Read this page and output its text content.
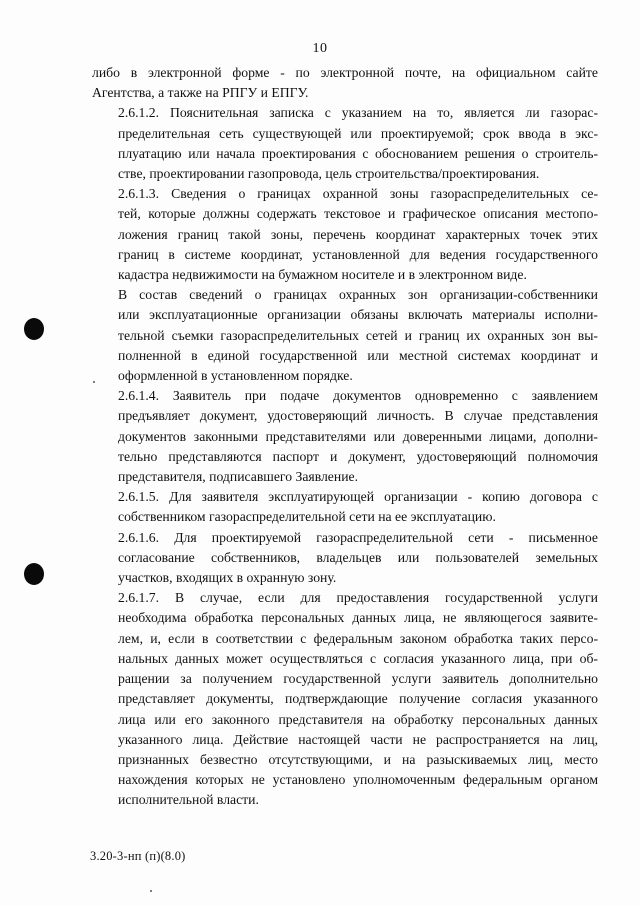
10

либо в электронной форме - по электронной почте, на официальном сайте
Агентства, а также на РПГУ и ЕПГУ.

2.6.1.2. Пояснительная записка с указанием на то, является ли газорас-
пределительная сеть существующей или проектируемой; срок ввода в экс-
плуатацию или начала проектирования с обоснованием решения о строитель-
стве, проектировании газопровода, цель строительства/проектирования.

2.6.1.3. Сведения о границах охранной зоны газораспределительных се-
тей, которые должны содержать текстовое и графическое описания местопо-
ложения границ такой зоны, перечень координат характерных точек этих
границ в системе координат, установленной для ведения государственного
кадастра недвижимости на бумажном носителе и в электронном виде.

В состав сведений о границах охранных зон организации-собственники
или эксплуатационные организации обязаны включать материалы исполни-
тельной съемки газораспределительных сетей и границ их охранных зон вы-
полненной в единой государственной или местной системах координат и
оформленной в установленном порядке.

2.6.1.4. Заявитель при подаче документов одновременно с заявлением
предъявляет документ, удостоверяющий личность. В случае представления
документов законными представителями или доверенными лицами, дополни-
тельно представляются паспорт и документ, удостоверяющий полномочия
представителя, подписавшего Заявление.

2.6.1.5. Для заявителя эксплуатирующей организации - копию договора с
собственником газораспределительной сети на ее эксплуатацию.

2.6.1.6. Для проектируемой газораспределительной сети - письменное
согласование собственников, владельцев или пользователей земельных
участков, входящих в охранную зону.

2.6.1.7. В случае, если для предоставления государственной услуги
необходима обработка персональных данных лица, не являющегося заявите-
лем, и, если в соответствии с федеральным законом обработка таких персо-
нальных данных может осуществляться с согласия указанного лица, при об-
ращении за получением государственной услуги заявитель дополнительно
представляет документы, подтверждающие получение согласия указанного
лица или его законного представителя на обработку персональных данных
указанного лица. Действие настоящей части не распространяется на лиц,
признанных безвестно отсутствующими, и на разыскиваемых лиц, место
нахождения которых не установлено уполномоченным федеральным органом
исполнительной власти.

3.20-3-нп (п)(8.0)
